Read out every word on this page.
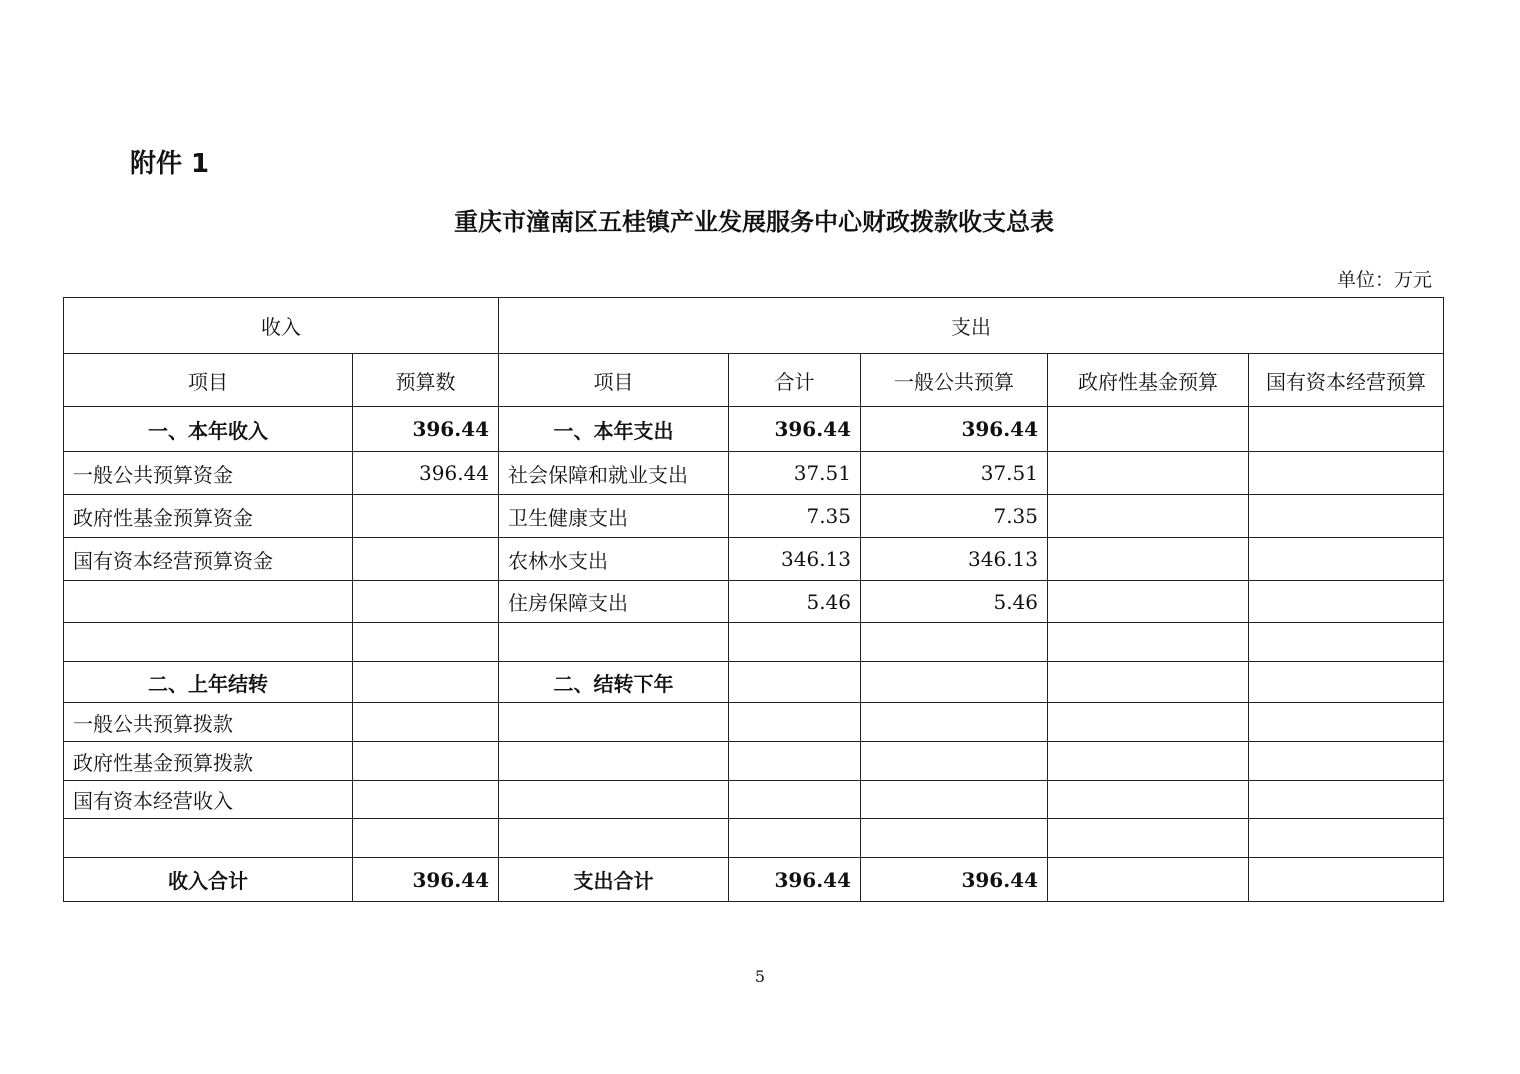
附件 1
重庆市潼南区五桂镇产业发展服务中心财政拨款收支总表
单位：万元
收入		支出				
项目	预算数	项目	合计	一般公共预算	政府性基金预算	国有资本经营预算
一、本年收入	396.44	一、本年支出	396.44	396.44		
一般公共预算资金	396.44	社会保障和就业支出	37.51	37.51		
政府性基金预算资金		卫生健康支出	7.35	7.35		
国有资本经营预算资金		农林水支出	346.13	346.13		
		住房保障支出	5.46	5.46		

二、上年结转		二、结转下年				
一般公共预算拨款						
政府性基金预算拨款						
国有资本经营收入						

收入合计	396.44	支出合计	396.44	396.44		
5
